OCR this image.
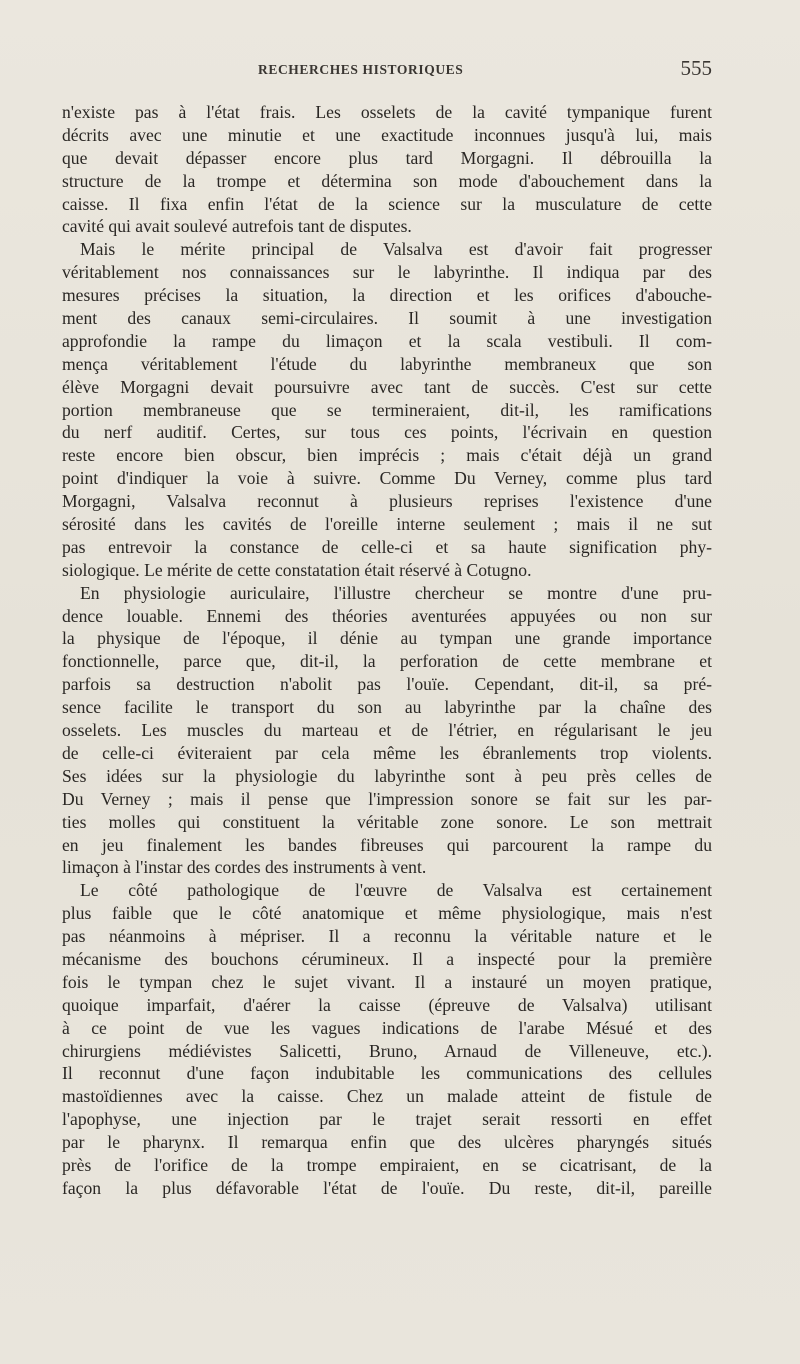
RECHERCHES HISTORIQUES	555
n'existe pas à l'état frais. Les osselets de la cavité tympanique furent
décrits avec une minutie et une exactitude inconnues jusqu'à lui, mais
que devait dépasser encore plus tard Morgagni. Il débrouilla la
structure de la trompe et détermina son mode d'abouchement dans la
caisse. Il fixa enfin l'état de la science sur la musculature de cette
cavité qui avait soulevé autrefois tant de disputes.
Mais le mérite principal de Valsalva est d'avoir fait progresser
véritablement nos connaissances sur le labyrinthe. Il indiqua par des
mesures précises la situation, la direction et les orifices d'abouche-
ment des canaux semi-circulaires. Il soumit à une investigation
approfondie la rampe du limaçon et la scala vestibuli. Il com-
mença véritablement l'étude du labyrinthe membraneux que son
élève Morgagni devait poursuivre avec tant de succès. C'est sur cette
portion membraneuse que se termineraient, dit-il, les ramifications
du nerf auditif. Certes, sur tous ces points, l'écrivain en question
reste encore bien obscur, bien imprécis ; mais c'était déjà un grand
point d'indiquer la voie à suivre. Comme Du Verney, comme plus tard
Morgagni, Valsalva reconnut à plusieurs reprises l'existence d'une
sérosité dans les cavités de l'oreille interne seulement ; mais il ne sut
pas entrevoir la constance de celle-ci et sa haute signification phy-
siologique. Le mérite de cette constatation était réservé à Cotugno.
En physiologie auriculaire, l'illustre chercheur se montre d'une pru-
dence louable. Ennemi des théories aventurées appuyées ou non sur
la physique de l'époque, il dénie au tympan une grande importance
fonctionnelle, parce que, dit-il, la perforation de cette membrane et
parfois sa destruction n'abolit pas l'ouïe. Cependant, dit-il, sa pré-
sence facilite le transport du son au labyrinthe par la chaîne des
osselets. Les muscles du marteau et de l'étrier, en régularisant le jeu
de celle-ci éviteraient par cela même les ébranlements trop violents.
Ses idées sur la physiologie du labyrinthe sont à peu près celles de
Du Verney ; mais il pense que l'impression sonore se fait sur les par-
ties molles qui constituent la véritable zone sonore. Le son mettrait
en jeu finalement les bandes fibreuses qui parcourent la rampe du
limaçon à l'instar des cordes des instruments à vent.
Le côté pathologique de l'œuvre de Valsalva est certainement
plus faible que le côté anatomique et même physiologique, mais n'est
pas néanmoins à mépriser. Il a reconnu la véritable nature et le
mécanisme des bouchons cérumineux. Il a inspecté pour la première
fois le tympan chez le sujet vivant. Il a instauré un moyen pratique,
quoique imparfait, d'aérer la caisse (épreuve de Valsalva) utilisant
à ce point de vue les vagues indications de l'arabe Mésué et des
chirurgiens médiévistes Salicetti, Bruno, Arnaud de Villeneuve, etc.).
Il reconnut d'une façon indubitable les communications des cellules
mastoïdiennes avec la caisse. Chez un malade atteint de fistule de
l'apophyse, une injection par le trajet serait ressorti en effet
par le pharynx. Il remarqua enfin que des ulcères pharyngés situés
près de l'orifice de la trompe empiraient, en se cicatrisant, de la
façon la plus défavorable l'état de l'ouïe. Du reste, dit-il, pareille
